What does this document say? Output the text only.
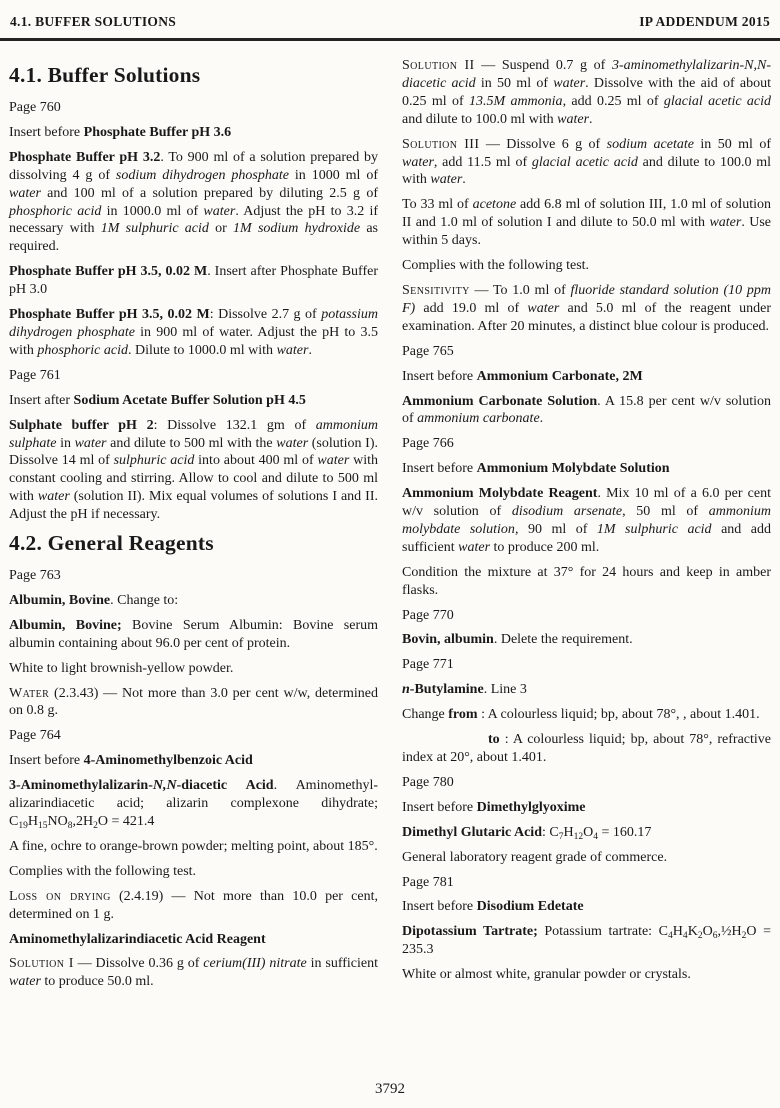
4.1. BUFFER SOLUTIONS	IP ADDENDUM 2015
4.1. Buffer Solutions

Page 760

Insert before Phosphate Buffer pH 3.6

Phosphate Buffer pH 3.2. To 900 ml of a solution prepared by dissolving 4 g of sodium dihydrogen phosphate in 1000 ml of water and 100 ml of a solution prepared by diluting 2.5 g of phosphoric acid in 1000.0 ml of water. Adjust the pH to 3.2 if necessary with 1M sulphuric acid or 1M sodium hydroxide as required.

Phosphate Buffer pH 3.5, 0.02 M. Insert after Phosphate Buffer pH 3.0

Phosphate Buffer pH 3.5, 0.02 M: Dissolve 2.7 g of potassium dihydrogen phosphate in 900 ml of water. Adjust the pH to 3.5 with phosphoric acid. Dilute to 1000.0 ml with water.

Page 761

Insert after Sodium Acetate Buffer Solution pH 4.5

Sulphate buffer pH 2: Dissolve 132.1 gm of ammonium sulphate in water and dilute to 500 ml with the water (solution I). Dissolve 14 ml of sulphuric acid into about 400 ml of water with constant cooling and stirring. Allow to cool and dilute to 500 ml with water (solution II). Mix equal volumes of solutions I and II. Adjust the pH if necessary.

4.2. General Reagents

Page 763

Albumin, Bovine. Change to:

Albumin, Bovine; Bovine Serum Albumin: Bovine serum albumin containing about 96.0 per cent of protein.

White to light brownish-yellow powder.

Water (2.3.43) — Not more than 3.0 per cent w/w, determined on 0.8 g.

Page 764

Insert before 4-Aminomethylbenzoic Acid

3-Aminomethylalizarin-N,N-diacetic Acid. Aminomethyl-alizarindiacetic acid; alizarin complexone dihydrate; $C_{19}H_{15}NO_8,2H_2O = 421.4$

A fine, ochre to orange-brown powder; melting point, about 185°.

Complies with the following test.

Loss on drying (2.4.19) — Not more than 10.0 per cent, determined on 1 g.

Aminomethylalizarindiacetic Acid Reagent

Solution I — Dissolve 0.36 g of cerium(III) nitrate in sufficient water to produce 50.0 ml.

Solution II — Suspend 0.7 g of 3-aminomethylalizarin-N,N- diacetic acid in 50 ml of water. Dissolve with the aid of about 0.25 ml of 13.5M ammonia, add 0.25 ml of glacial acetic acid and dilute to 100.0 ml with water.

Solution III — Dissolve 6 g of sodium acetate in 50 ml of water, add 11.5 ml of glacial acetic acid and dilute to 100.0 ml with water.

To 33 ml of acetone add 6.8 ml of solution III, 1.0 ml of solution II and 1.0 ml of solution I and dilute to 50.0 ml with water. Use within 5 days.

Complies with the following test.

Sensitivity — To 1.0 ml of fluoride standard solution (10 ppm F) add 19.0 ml of water and 5.0 ml of the reagent under examination. After 20 minutes, a distinct blue colour is produced.

Page 765

Insert before Ammonium Carbonate, 2M

Ammonium Carbonate Solution. A 15.8 per cent w/v solution of ammonium carbonate.

Page 766

Insert before Ammonium Molybdate Solution

Ammonium Molybdate Reagent. Mix 10 ml of a 6.0 per cent w/v solution of disodium arsenate, 50 ml of ammonium molybdate solution, 90 ml of 1M sulphuric acid and add sufficient water to produce 200 ml.

Condition the mixture at 37° for 24 hours and keep in amber flasks.

Page 770

Bovin, albumin. Delete the requirement.

Page 771

n-Butylamine. Line 3

Change from : A colourless liquid; bp, about 78°, , about 1.401.

to : A colourless liquid; bp, about 78°, refractive index at 20°, about 1.401.

Page 780

Insert before Dimethylglyoxime

Dimethyl Glutaric Acid: $C_7H_{12}O_4 = 160.17$

General laboratory reagent grade of commerce.

Page 781

Insert before Disodium Edetate

Dipotassium Tartrate; Potassium tartrate: $C_4H_4K_2O_6,\frac{1}{2}H_2O = 235.3$

White or almost white, granular powder or crystals.

3792
